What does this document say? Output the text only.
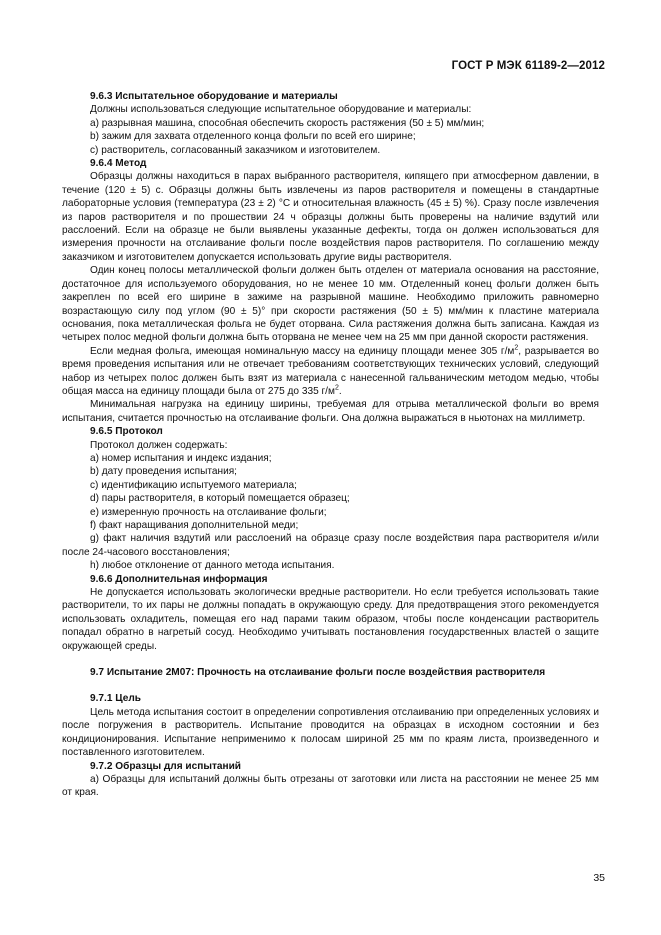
ГОСТ Р МЭК 61189-2—2012

9.6.3 Испытательное оборудование и материалы

Должны использоваться следующие испытательное оборудование и материалы:

а) разрывная машина, способная обеспечить скорость растяжения (50 ± 5) мм/мин;

b) зажим для захвата отделенного конца фольги по всей его ширине;

с) растворитель, согласованный заказчиком и изготовителем.

9.6.4 Метод

Образцы должны находиться в парах выбранного растворителя, кипящего при атмосферном давлении, в течение (120 ± 5) с. Образцы должны быть извлечены из паров растворителя и помещены в стандартные лабораторные условия (температура (23 ± 2) °C и относительная влажность (45 ± 5) %). Сразу после извлечения из паров растворителя и по прошествии 24 ч образцы должны быть проверены на наличие вздутий или расслоений. Если на образце не были выявлены указанные дефекты, тогда он должен использоваться для измерения прочности на отслаивание фольги после воздействия паров растворителя. По соглашению между заказчиком и изготовителем допускается использовать другие виды растворителя.

Один конец полосы металлической фольги должен быть отделен от материала основания на расстояние, достаточное для используемого оборудования, но не менее 10 мм. Отделенный конец фольги должен быть закреплен по всей его ширине в зажиме на разрывной машине. Необходимо приложить равномерно возрастающую силу под углом (90 ± 5)° при скорости растяжения (50 ± 5) мм/мин к пластине материала основания, пока металлическая фольга не будет оторвана. Сила растяжения должна быть записана. Каждая из четырех полос медной фольги должна быть оторвана не менее чем на 25 мм при данной скорости растяжения.

Если медная фольга, имеющая номинальную массу на единицу площади менее 305 $г/м^2$, разрывается во время проведения испытания или не отвечает требованиям соответствующих технических условий, следующий набор из четырех полос должен быть взят из материала с нанесенной гальваническим методом медью, чтобы общая масса на единицу площади была от 275 до 335 $г/м^2$.

Минимальная нагрузка на единицу ширины, требуемая для отрыва металлической фольги во время испытания, считается прочностью на отслаивание фольги. Она должна выражаться в ньютонах на миллиметр.

9.6.5 Протокол

Протокол должен содержать:

а) номер испытания и индекс издания;

b) дату проведения испытания;

с) идентификацию испытуемого материала;

d) пары растворителя, в который помещается образец;

е) измеренную прочность на отслаивание фольги;

f) факт наращивания дополнительной меди;

g) факт наличия вздутий или расслоений на образце сразу после воздействия пара растворителя и/или после 24-часового восстановления;

h) любое отклонение от данного метода испытания.

9.6.6 Дополнительная информация

Не допускается использовать экологически вредные растворители. Но если требуется использовать такие растворители, то их пары не должны попадать в окружающую среду. Для предотвращения этого рекомендуется использовать охладитель, помещая его над парами таким образом, чтобы после конденсации растворитель попадал обратно в нагретый сосуд. Необходимо учитывать постановления государственных властей о защите окружающей среды.

9.7 Испытание 2М07: Прочность на отслаивание фольги после воздействия растворителя

9.7.1 Цель

Цель метода испытания состоит в определении сопротивления отслаиванию при определенных условиях и после погружения в растворитель. Испытание проводится на образцах в исходном состоянии и без кондиционирования. Испытание неприменимо к полосам шириной 25 мм по краям листа, произведенного и поставленного изготовителем.

9.7.2 Образцы для испытаний

а) Образцы для испытаний должны быть отрезаны от заготовки или листа на расстоянии не менее 25 мм от края.

35
